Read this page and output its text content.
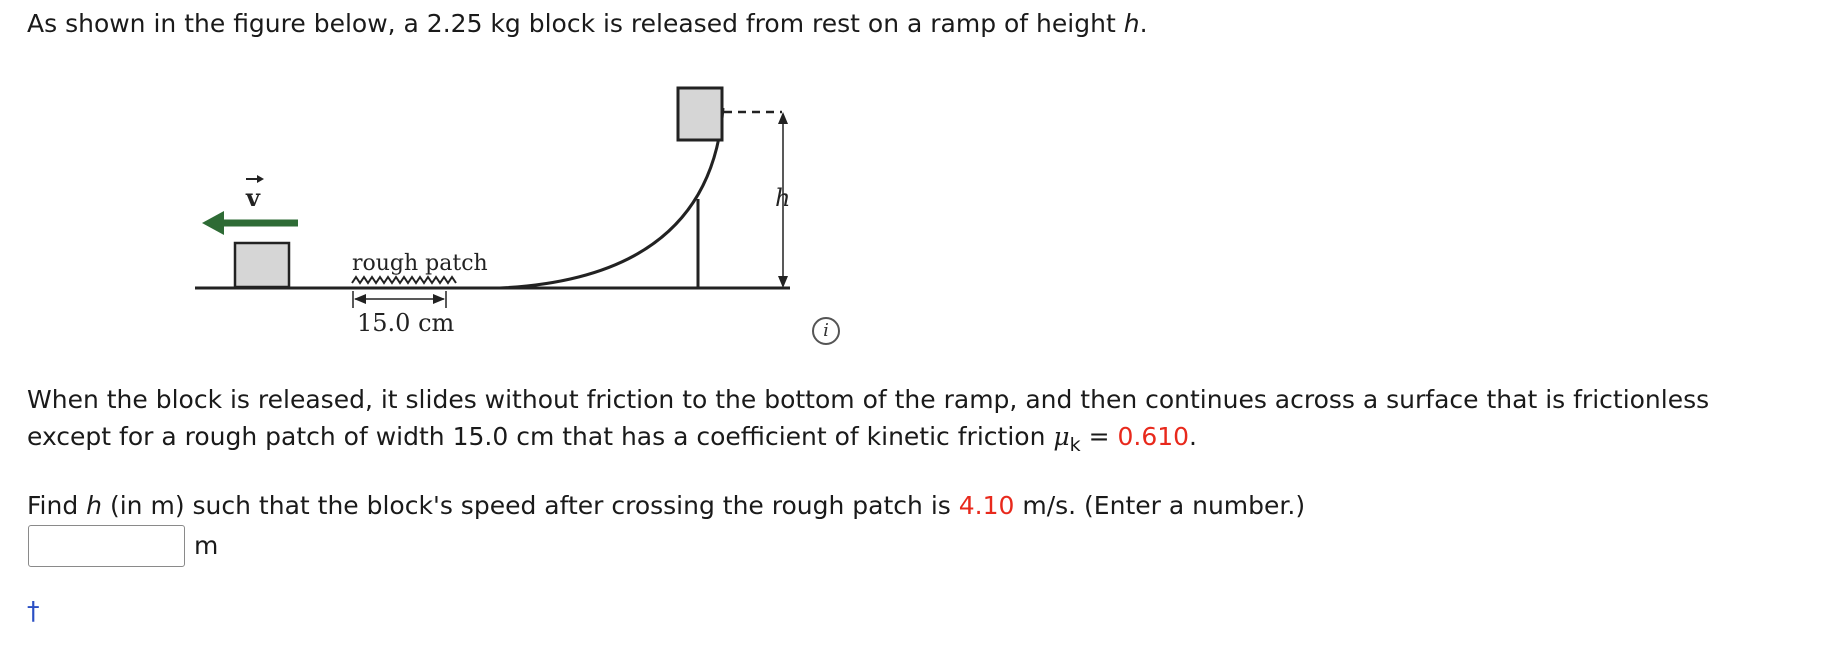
As shown in the figure below, a 2.25 kg block is released from rest on a ramp of height h.
h
v
rough patch
15.0 cm	i
When the block is released, it slides without friction to the bottom of the ramp, and then continues across a surface that is frictionless
except for a rough patch of width 15.0 cm that has a coefficient of kinetic friction $\mu_k = 0.610$.
Find h (in m) such that the block's speed after crossing the rough patch is 4.10 m/s. (Enter a number.)
m
†
